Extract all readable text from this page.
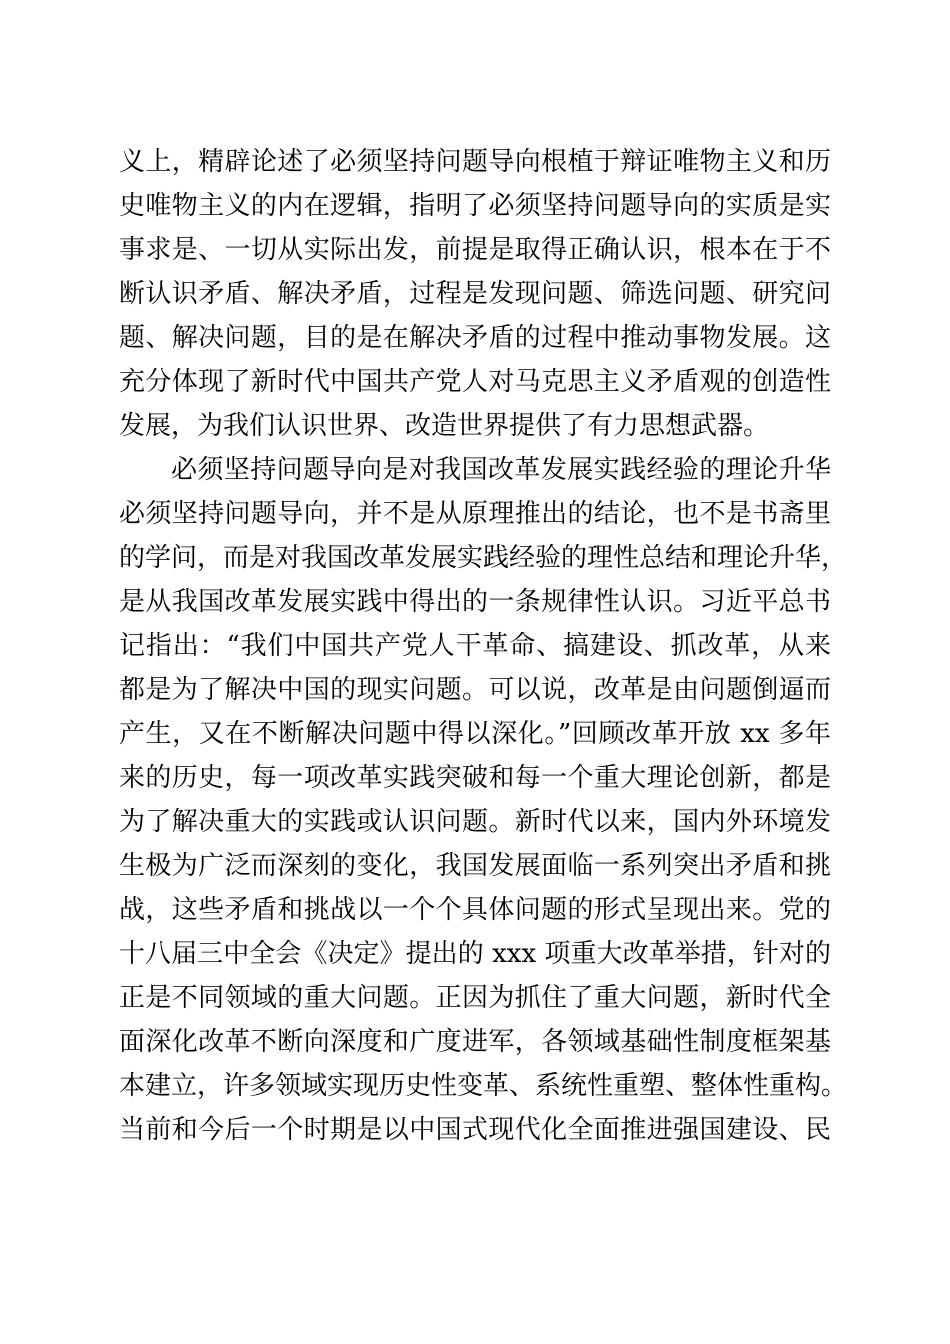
义上，精辟论述了必须坚持问题导向根植于辩证唯物主义和历
史唯物主义的内在逻辑，指明了必须坚持问题导向的实质是实
事求是、一切从实际出发，前提是取得正确认识，根本在于不
断认识矛盾、解决矛盾，过程是发现问题、筛选问题、研究问
题、解决问题，目的是在解决矛盾的过程中推动事物发展。这
充分体现了新时代中国共产党人对马克思主义矛盾观的创造性
发展，为我们认识世界、改造世界提供了有力思想武器。
必须坚持问题导向是对我国改革发展实践经验的理论升华
必须坚持问题导向，并不是从原理推出的结论，也不是书斋里
的学问，而是对我国改革发展实践经验的理性总结和理论升华，
是从我国改革发展实践中得出的一条规律性认识。习近平总书
记指出：“我们中国共产党人干革命、搞建设、抓改革，从来
都是为了解决中国的现实问题。可以说，改革是由问题倒逼而
产生，又在不断解决问题中得以深化。”回顾改革开放 xx 多年
来的历史，每一项改革实践突破和每一个重大理论创新，都是
为了解决重大的实践或认识问题。新时代以来，国内外环境发
生极为广泛而深刻的变化，我国发展面临一系列突出矛盾和挑
战，这些矛盾和挑战以一个个具体问题的形式呈现出来。党的
十八届三中全会《决定》提出的 xxx 项重大改革举措，针对的
正是不同领域的重大问题。正因为抓住了重大问题，新时代全
面深化改革不断向深度和广度进军，各领域基础性制度框架基
本建立，许多领域实现历史性变革、系统性重塑、整体性重构。
当前和今后一个时期是以中国式现代化全面推进强国建设、民
